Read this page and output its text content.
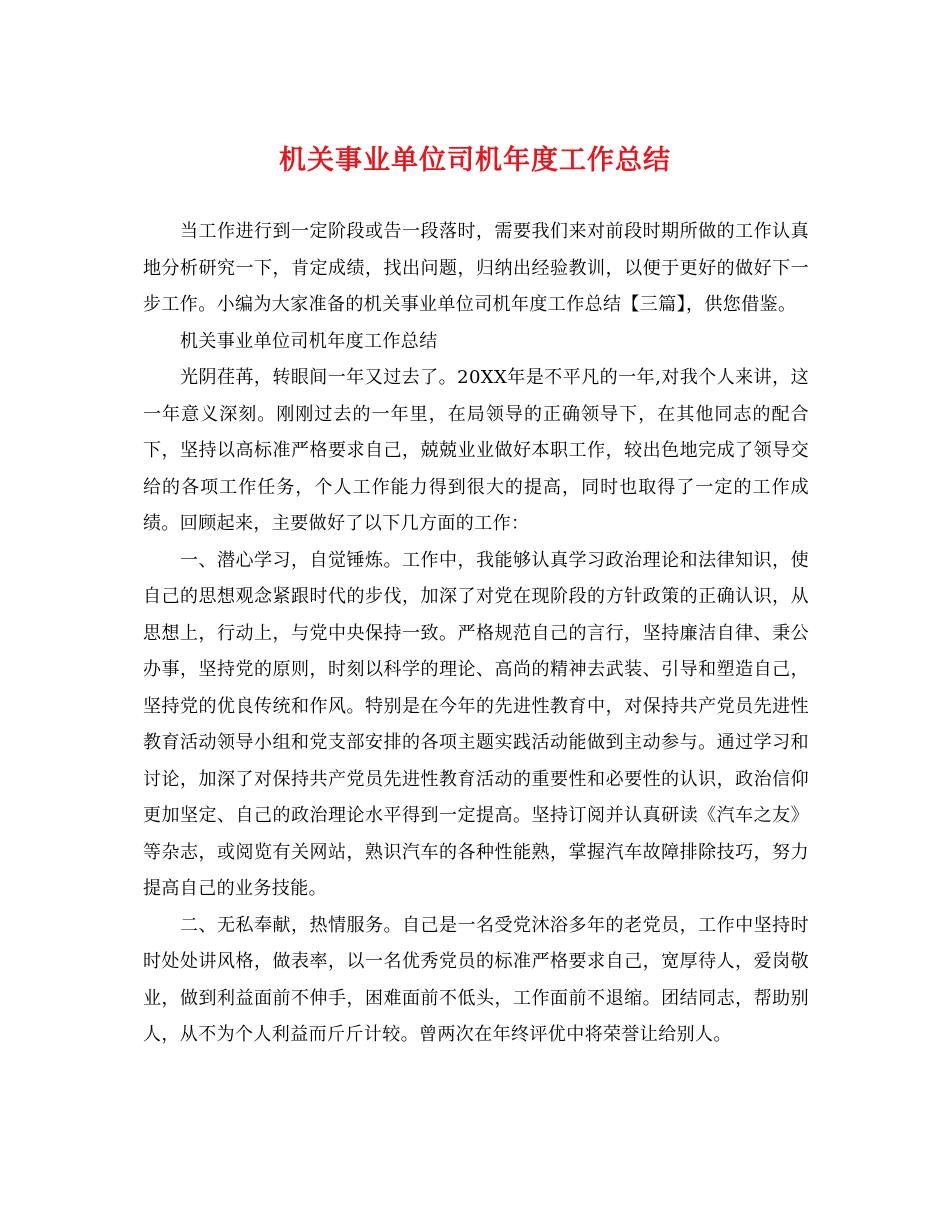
机关事业单位司机年度工作总结

当工作进行到一定阶段或告一段落时，需要我们来对前段时期所做的工作认真地分析研究一下，肯定成绩，找出问题，归纳出经验教训，以便于更好的做好下一步工作。小编为大家准备的机关事业单位司机年度工作总结【三篇】，供您借鉴。

机关事业单位司机年度工作总结

光阴荏苒，转眼间一年又过去了。20XX年是不平凡的一年,对我个人来讲，这一年意义深刻。刚刚过去的一年里，在局领导的正确领导下，在其他同志的配合下，坚持以高标准严格要求自己，兢兢业业做好本职工作，较出色地完成了领导交给的各项工作任务，个人工作能力得到很大的提高，同时也取得了一定的工作成绩。回顾起来，主要做好了以下几方面的工作：

一、潜心学习，自觉锤炼。工作中，我能够认真学习政治理论和法律知识，使自己的思想观念紧跟时代的步伐，加深了对党在现阶段的方针政策的正确认识，从思想上，行动上，与党中央保持一致。严格规范自己的言行，坚持廉洁自律、秉公办事，坚持党的原则，时刻以科学的理论、高尚的精神去武装、引导和塑造自己，坚持党的优良传统和作风。特别是在今年的先进性教育中，对保持共产党员先进性教育活动领导小组和党支部安排的各项主题实践活动能做到主动参与。通过学习和讨论，加深了对保持共产党员先进性教育活动的重要性和必要性的认识，政治信仰更加坚定、自己的政治理论水平得到一定提高。坚持订阅并认真研读《汽车之友》等杂志，或阅览有关网站，熟识汽车的各种性能熟，掌握汽车故障排除技巧，努力提高自己的业务技能。

二、无私奉献，热情服务。自己是一名受党沐浴多年的老党员，工作中坚持时时处处讲风格，做表率，以一名优秀党员的标准严格要求自己，宽厚待人，爱岗敬业，做到利益面前不伸手，困难面前不低头，工作面前不退缩。团结同志，帮助别人，从不为个人利益而斤斤计较。曾两次在年终评优中将荣誉让给别人。
